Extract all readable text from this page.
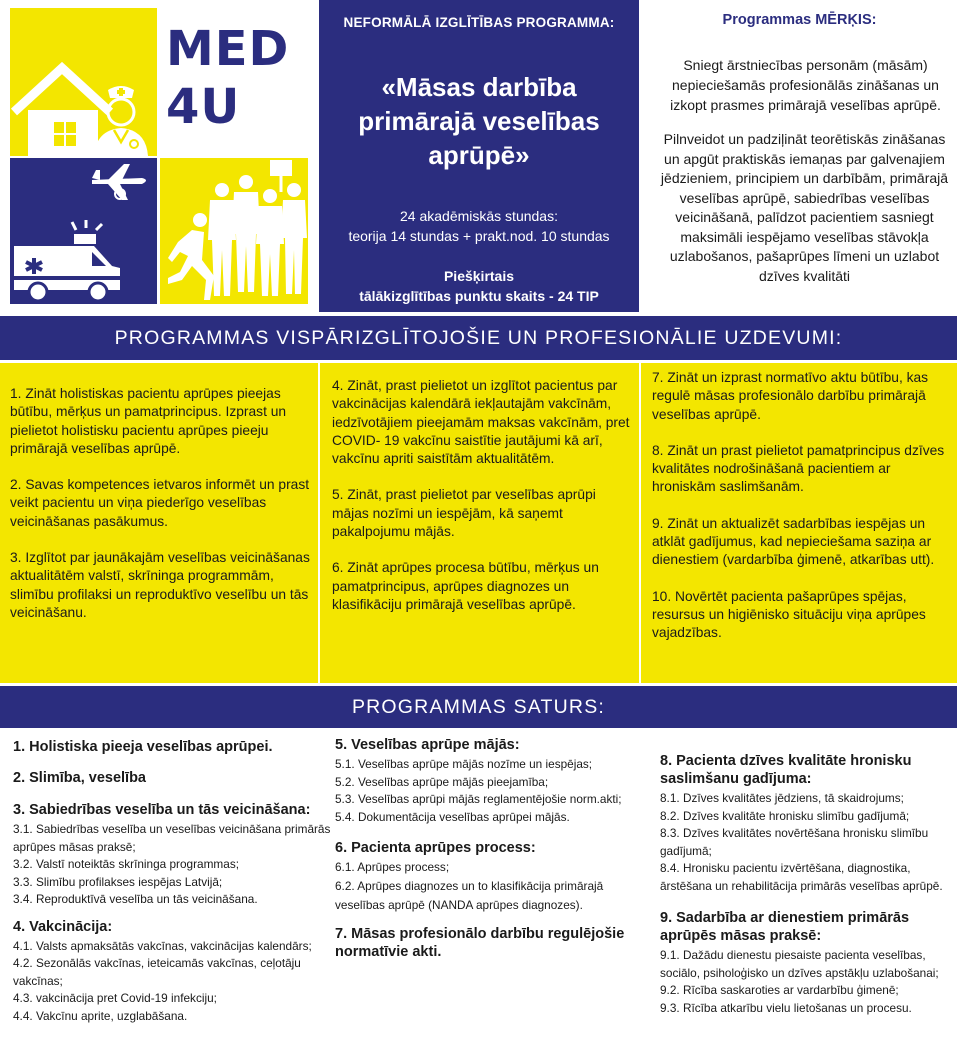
MED
4U
NEFORMĀLĀ IZGLĪTĪBAS PROGRAMMA:
«Māsas darbība primārajā veselības aprūpē»
24 akadēmiskās stundas:
teorija 14 stundas + prakt.nod. 10 stundas
Piešķirtais
tālākizglītības punktu skaits - 24 TIP
Programmas MĒRĶIS:
Sniegt ārstniecības personām (māsām) nepieciešamās profesionālās zināšanas un izkopt prasmes primārajā veselības aprūpē.
Pilnveidot un padziļināt teorētiskās zināšanas un apgūt praktiskās iemaņas par galvenajiem jēdzieniem, principiem un darbībām, primārajā veselības aprūpē, sabiedrības veselības veicināšanā, palīdzot pacientiem sasniegt maksimāli iespējamo veselības stāvokļa uzlabošanos, pašaprūpes līmeni un uzlabot dzīves kvalitāti
PROGRAMMAS VISPĀRIZGLĪTOJOŠIE UN PROFESIONĀLIE UZDEVUMI:

1. Zināt holistiskas pacientu aprūpes pieejas būtību, mērķus un pamatprincipus. Izprast un pielietot holistisku pacientu aprūpes pieeju primārajā veselības aprūpē.

2. Savas kompetences ietvaros informēt un prast veikt pacientu un viņa piederīgo veselības veicināšanas pasākumus.

3. Izglītot par jaunākajām veselības veicināšanas aktualitātēm valstī, skrīninga programmām, slimību profilaksi un reproduktīvo veselību un tās veicināšanu.

4. Zināt, prast pielietot un izglītot pacientus par vakcinācijas kalendārā iekļautajām vakcīnām, iedzīvotājiem pieejamām maksas vakcīnām, pret COVID- 19 vakcīnu saistītie jautājumi kā arī, vakcīnu apriti saistītām aktualitātēm.

5. Zināt, prast pielietot par veselības aprūpi mājas nozīmi un iespējām, kā saņemt pakalpojumu mājās.

6. Zināt aprūpes procesa būtību, mērķus un pamatprincipus, aprūpes diagnozes un klasifikāciju primārajā veselības aprūpē.

7. Zināt un izprast normatīvo aktu būtību, kas regulē māsas profesionālo darbību primārajā veselības aprūpē.

8. Zināt un prast pielietot pamatprincipus dzīves kvalitātes nodrošināšanā pacientiem ar hroniskām saslimšanām.

9. Zināt un aktualizēt sadarbības iespējas un atklāt gadījumus, kad nepieciešama saziņa ar dienestiem (vardarbība ģimenē, atkarības utt).

10. Novērtēt pacienta pašaprūpes spējas, resursus un higiēnisko situāciju viņa aprūpes vajadzības.

PROGRAMMAS SATURS:
1. Holistiska pieeja veselības aprūpei.
2. Slimība, veselība
3. Sabiedrības veselība un tās veicināšana:
3.1. Sabiedrības veselība un veselības veicināšana primārās aprūpes māsas praksē;
3.2. Valstī noteiktās skrīninga programmas;
3.3. Slimību profilakses iespējas Latvijā;
3.4. Reproduktīvā veselība un tās veicināšana.
4. Vakcinācija:
4.1. Valsts apmaksātās vakcīnas, vakcinācijas kalendārs;
4.2. Sezonālās vakcīnas, ieteicamās vakcīnas, ceļotāju vakcīnas;
4.3. vakcinācija pret Covid-19 infekciju;
4.4. Vakcīnu aprite, uzglabāšana.
5. Veselības aprūpe mājās:
5.1. Veselības aprūpe mājās nozīme un iespējas;
5.2. Veselības aprūpe mājās pieejamība;
5.3. Veselības aprūpi mājās reglamentējošie norm.akti;
5.4. Dokumentācija veselības aprūpei mājās.
6. Pacienta aprūpes process:
6.1. Aprūpes process;
6.2. Aprūpes diagnozes un to klasifikācija primārajā veselības aprūpē (NANDA aprūpes diagnozes).
7. Māsas profesionālo darbību regulējošie normatīvie akti.
8. Pacienta dzīves kvalitāte hronisku saslimšanu gadījuma:
8.1. Dzīves kvalitātes jēdziens, tā skaidrojums;
8.2. Dzīves kvalitāte hronisku slimību gadījumā;
8.3. Dzīves kvalitātes novērtēšana hronisku slimību gadījumā;
8.4. Hronisku pacientu izvērtēšana, diagnostika, ārstēšana un rehabilitācija primārās veselības aprūpē.
9. Sadarbība ar dienestiem primārās aprūpēs māsas praksē:
9.1. Dažādu dienestu piesaiste pacienta veselības, sociālo, psiholoģisko un dzīves apstākļu uzlabošanai;
9.2. Rīcība saskaroties ar vardarbību ģimenē;
9.3. Rīcība atkarību vielu lietošanas un procesu.
